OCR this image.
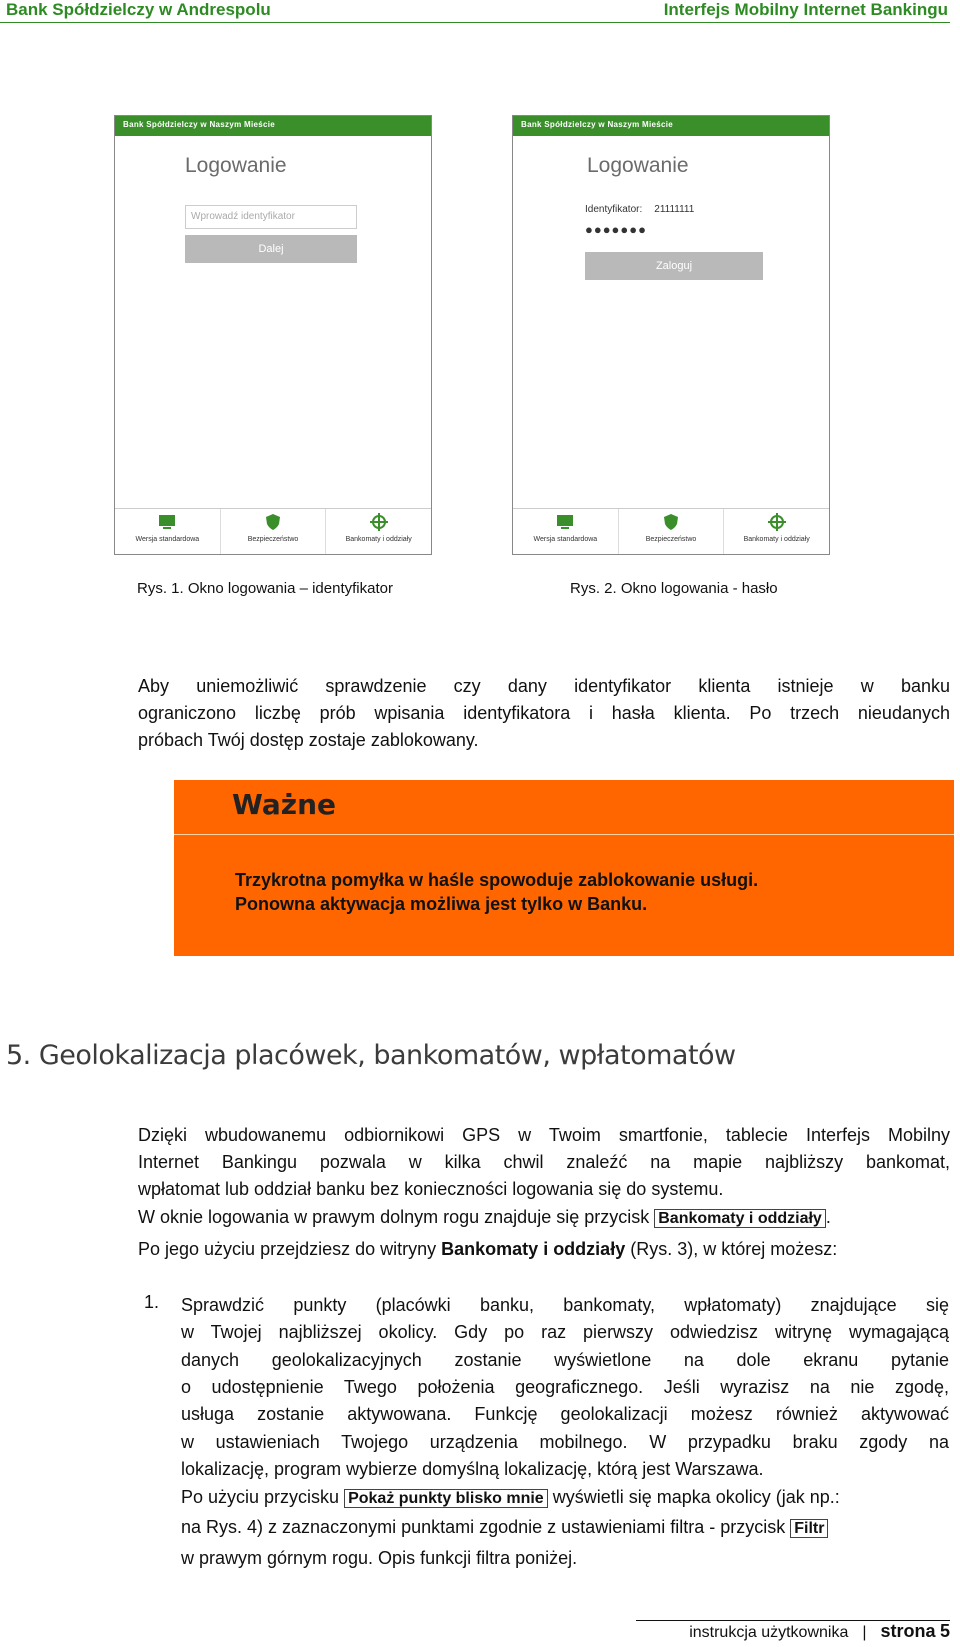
Bank Spółdzielczy w Andrespolu	Interfejs Mobilny Internet Bankingu
Bank Spółdzielczy w Naszym Mieście
Logowanie
Wprowadź identyfikator
Dalej
Wersja standardowa	Bezpieczeństwo	Bankomaty i oddziały
Bank Spółdzielczy w Naszym Mieście
Logowanie
Identyfikator: 21111111
●●●●●●●
Zaloguj
Wersja standardowa	Bezpieczeństwo	Bankomaty i oddziały
Rys. 1. Okno logowania – identyfikator	Rys. 2. Okno logowania - hasło
Aby uniemożliwić sprawdzenie czy dany identyfikator klienta istnieje w banku
ograniczono liczbę prób wpisania identyfikatora i hasła klienta. Po trzech nieudanych
próbach Twój dostęp zostaje zablokowany.
Ważne
Trzykrotna pomyłka w haśle spowoduje zablokowanie usługi.
Ponowna aktywacja możliwa jest tylko w Banku.
5. Geolokalizacja placówek, bankomatów, wpłatomatów
Dzięki wbudowanemu odbiornikowi GPS w Twoim smartfonie, tablecie Interfejs Mobilny
Internet Bankingu pozwala w kilka chwil znaleźć na mapie najbliższy bankomat,
wpłatomat lub oddział banku bez konieczności logowania się do systemu.
W oknie logowania w prawym dolnym rogu znajduje się przycisk Bankomaty i oddziały .
Po jego użyciu przejdziesz do witryny Bankomaty i oddziały (Rys. 3), w której możesz:
1. Sprawdzić punkty (placówki banku, bankomaty, wpłatomaty) znajdujące się
w Twojej najbliższej okolicy. Gdy po raz pierwszy odwiedzisz witrynę wymagającą
danych geolokalizacyjnych zostanie wyświetlone na dole ekranu pytanie
o udostępnienie Twego położenia geograficznego. Jeśli wyrazisz na nie zgodę,
usługa zostanie aktywowana. Funkcję geolokalizacji możesz również aktywować
w ustawieniach Twojego urządzenia mobilnego. W przypadku braku zgody na
lokalizację, program wybierze domyślną lokalizację, którą jest Warszawa.
Po użyciu przycisku Pokaż punkty blisko mnie wyświetli się mapka okolicy (jak np.:
na Rys. 4) z zaznaczonymi punktami zgodnie z ustawieniami filtra - przycisk Filtr
w prawym górnym rogu. Opis funkcji filtra poniżej.
instrukcja użytkownika | strona 5
